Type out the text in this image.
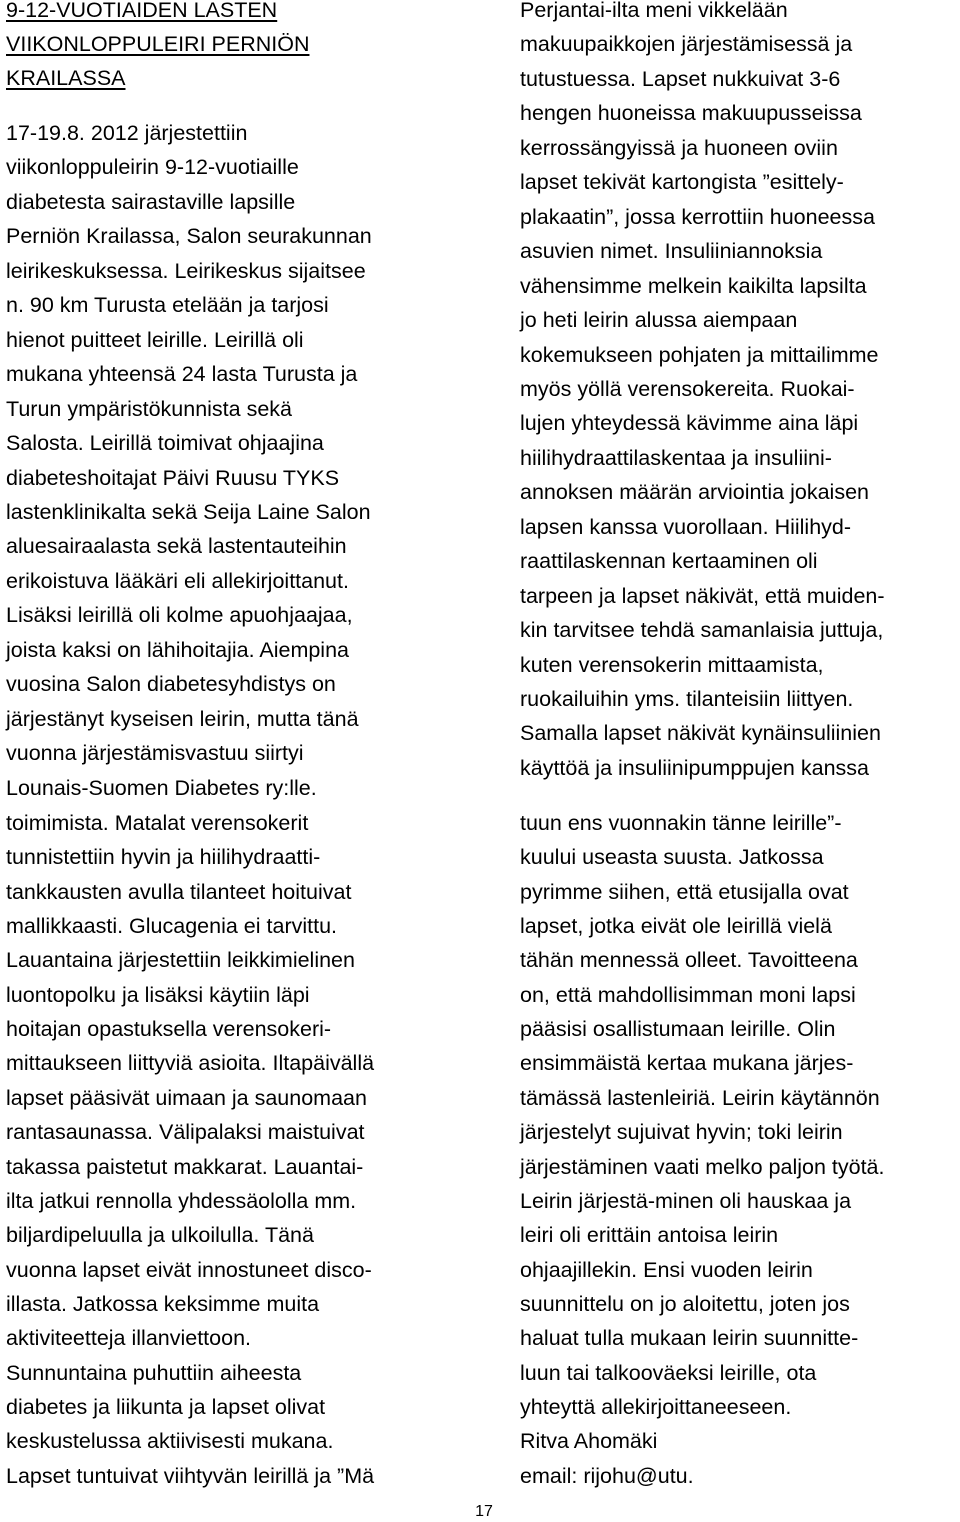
9-12-VUOTIAIDEN LASTEN
VIIKONLOPPULEIRI PERNIÖN
KRAILASSA
17-19.8. 2012 järjestettiin
viikonloppuleirin 9-12-vuotiaille
diabetesta sairastaville lapsille
Perniön Krailassa, Salon seurakunnan
leirikeskuksessa. Leirikeskus sijaitsee
n. 90 km Turusta etelään ja tarjosi
hienot puitteet leirille. Leirillä oli
mukana yhteensä 24 lasta Turusta ja
Turun ympäristökunnista sekä
Salosta. Leirillä toimivat ohjaajina
diabeteshoitajat Päivi Ruusu TYKS
lastenklinikalta sekä Seija Laine Salon
aluesairaalasta sekä lastentauteihin
erikoistuva lääkäri eli allekirjoittanut.
Lisäksi leirillä oli kolme apuohjaajaa,
joista kaksi on lähihoitajia. Aiempina
vuosina Salon diabetesyhdistys on
järjestänyt kyseisen leirin, mutta tänä
vuonna järjestämisvastuu siirtyi
Lounais-Suomen Diabetes ry:lle.
toimimista. Matalat verensokerit
tunnistettiin hyvin ja hiilihydraatti-
tankkausten avulla tilanteet hoituivat
mallikkaasti. Glucagenia ei tarvittu.
Lauantaina järjestettiin leikkimielinen
luontopolku ja lisäksi käytiin läpi
hoitajan opastuksella verensokeri-
mittaukseen liittyviä asioita. Iltapäivällä
lapset pääsivät uimaan ja saunomaan
rantasaunassa. Välipalaksi maistuivat
takassa paistetut makkarat. Lauantai-
ilta jatkui rennolla yhdessäololla mm.
biljardipeluulla ja ulkoilulla. Tänä
vuonna lapset eivät innostuneet disco-
illasta. Jatkossa keksimme muita
aktiviteetteja illanviettoon.
Sunnuntaina puhuttiin aiheesta
diabetes ja liikunta ja lapset olivat
keskustelussa aktiivisesti mukana.
Lapset tuntuivat viihtyvän leirillä ja ”Mä
Perjantai-ilta meni vikkelään
makuupaikkojen järjestämisessä ja
tutustuessa. Lapset nukkuivat 3-6
hengen huoneissa makuupusseissa
kerrossängyissä ja huoneen oviin
lapset tekivät kartongista ”esittely-
plakaatin”, jossa kerrottiin huoneessa
asuvien nimet. Insuliiniannoksia
vähensimme melkein kaikilta lapsilta
jo heti leirin alussa aiempaan
kokemukseen pohjaten ja mittailimme
myös yöllä verensokereita. Ruokai-
lujen yhteydessä kävimme aina läpi
hiilihydraattilaskentaa ja insuliini-
annoksen määrän arviointia jokaisen
lapsen kanssa vuorollaan. Hiilihyd-
raattilaskennan kertaaminen oli
tarpeen ja lapset näkivät, että muiden-
kin tarvitsee tehdä samanlaisia juttuja,
kuten verensokerin mittaamista,
ruokailuihin yms. tilanteisiin liittyen.
Samalla lapset näkivät kynäinsuliinien
käyttöä ja insuliinipumppujen kanssa
tuun ens vuonnakin tänne leirille”-
kuului useasta suusta. Jatkossa
pyrimme siihen, että etusijalla ovat
lapset, jotka eivät ole leirillä vielä
tähän mennessä olleet. Tavoitteena
on, että mahdollisimman moni lapsi
pääsisi osallistumaan leirille. Olin
ensimmäistä kertaa mukana järjes-
tämässä lastenleiriä. Leirin käytännön
järjestelyt sujuivat hyvin; toki leirin
järjestäminen vaati melko paljon työtä.
Leirin järjestä-minen oli hauskaa ja
leiri oli erittäin antoisa leirin
ohjaajillekin. Ensi vuoden leirin
suunnittelu on jo aloitettu, joten jos
haluat tulla mukaan leirin suunnitte-
luun tai talkooväeksi leirille, ota
yhteyttä allekirjoittaneeseen.
Ritva Ahomäki
email: rijohu@utu.
17
